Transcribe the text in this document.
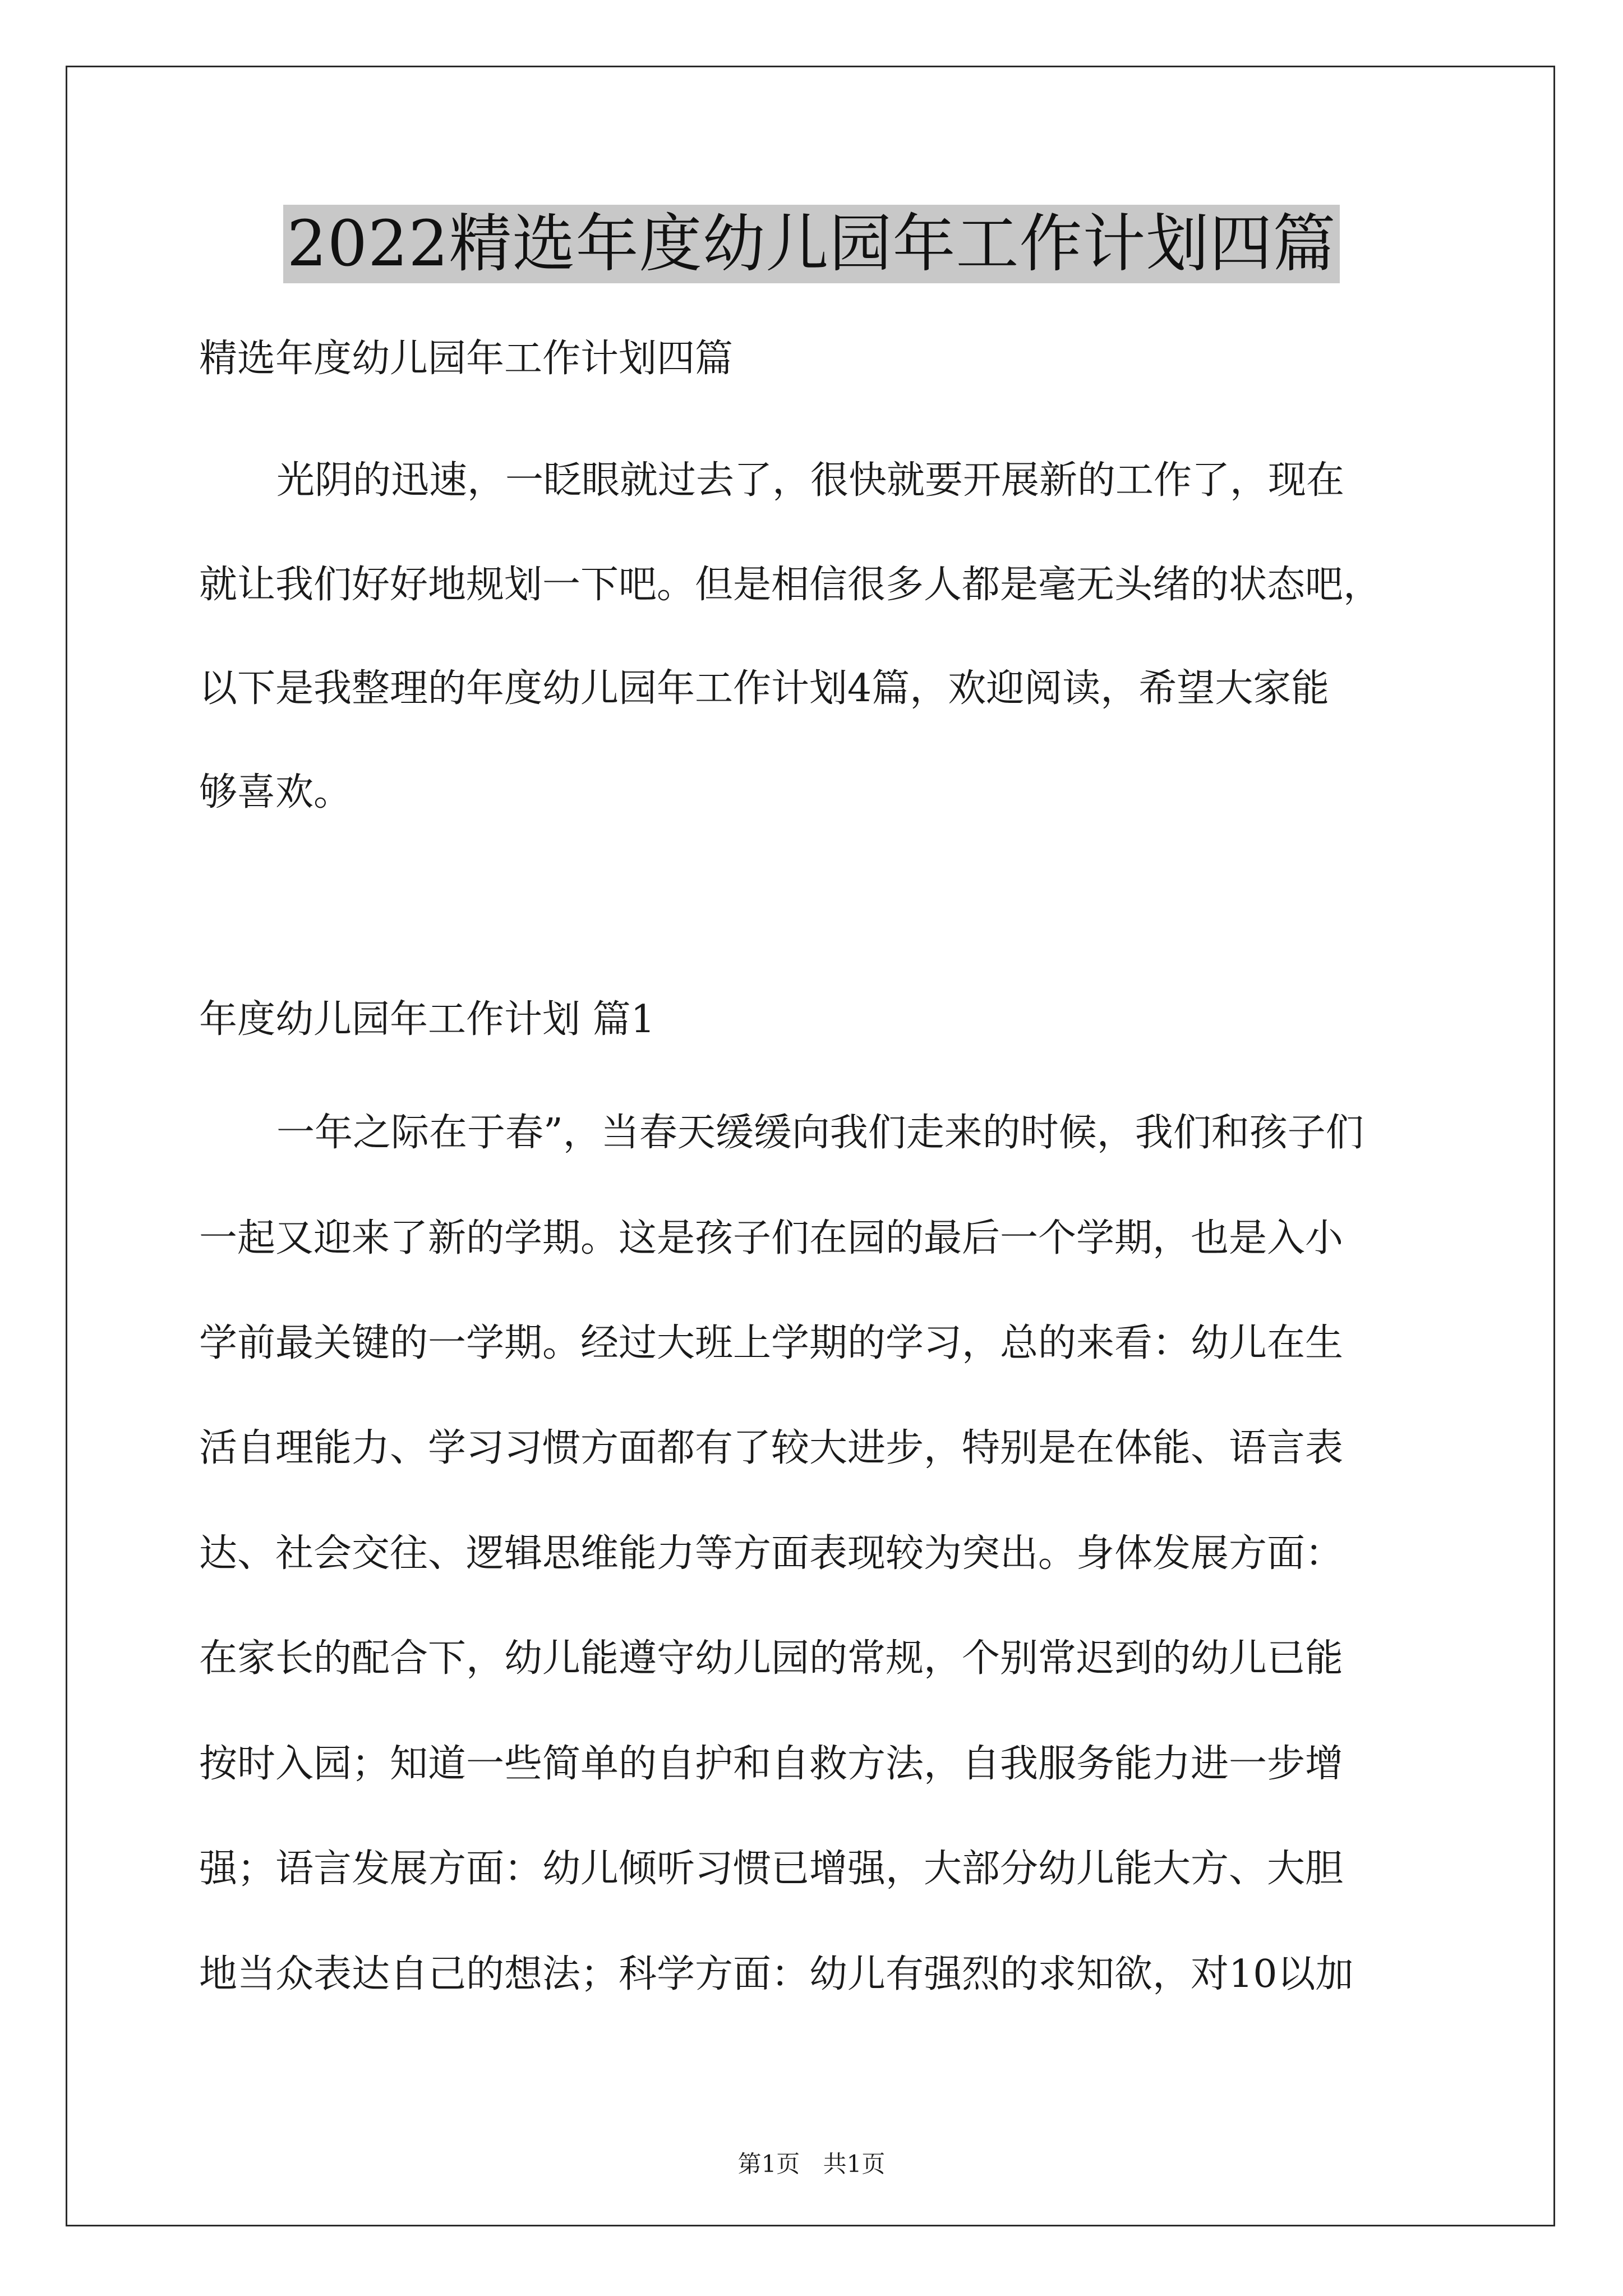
2022精选年度幼儿园年工作计划四篇
精选年度幼儿园年工作计划四篇
光阴的迅速，一眨眼就过去了，很快就要开展新的工作了，现在
就让我们好好地规划一下吧。但是相信很多人都是毫无头绪的状态吧，
以下是我整理的年度幼儿园年工作计划4篇，欢迎阅读，希望大家能
够喜欢。
年度幼儿园年工作计划 篇1
一年之际在于春”，当春天缓缓向我们走来的时候，我们和孩子们
一起又迎来了新的学期。这是孩子们在园的最后一个学期，也是入小
学前最关键的一学期。经过大班上学期的学习，总的来看：幼儿在生
活自理能力、学习习惯方面都有了较大进步，特别是在体能、语言表
达、社会交往、逻辑思维能力等方面表现较为突出。身体发展方面：
在家长的配合下，幼儿能遵守幼儿园的常规，个别常迟到的幼儿已能
按时入园；知道一些简单的自护和自救方法，自我服务能力进一步增
强；语言发展方面：幼儿倾听习惯已增强，大部分幼儿能大方、大胆
地当众表达自己的想法；科学方面：幼儿有强烈的求知欲，对10以加
第1页 共1页
